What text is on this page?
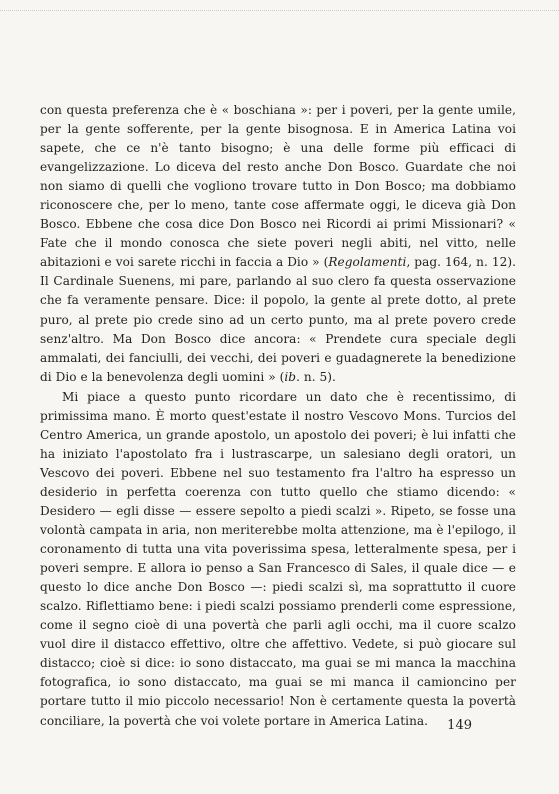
con questa preferenza che è « boschiana »: per i poveri, per la gente umile, per la gente sofferente, per la gente bisognosa. E in America Latina voi sapete, che ce n'è tanto bisogno; è una delle forme più efficaci di evangelizzazione. Lo diceva del resto anche Don Bosco. Guardate che noi non siamo di quelli che vogliono trovare tutto in Don Bosco; ma dobbiamo riconoscere che, per lo meno, tante cose affermate oggi, le diceva già Don Bosco. Ebbene che cosa dice Don Bosco nei Ricordi ai primi Missionari? « Fate che il mondo conosca che siete poveri negli abiti, nel vitto, nelle abitazioni e voi sarete ricchi in faccia a Dio » (Regolamenti, pag. 164, n. 12). Il Cardinale Suenens, mi pare, parlando al suo clero fa questa osservazione che fa veramente pensare. Dice: il popolo, la gente al prete dotto, al prete puro, al prete pio crede sino ad un certo punto, ma al prete povero crede senz'altro. Ma Don Bosco dice ancora: « Prendete cura speciale degli ammalati, dei fanciulli, dei vecchi, dei poveri e guadagnerete la benedizione di Dio e la benevolenza degli uomini » (ib. n. 5).

Mi piace a questo punto ricordare un dato che è recentissimo, di primissima mano. È morto quest'estate il nostro Vescovo Mons. Turcios del Centro America, un grande apostolo, un apostolo dei poveri; è lui infatti che ha iniziato l'apostolato fra i lustrascarpe, un salesiano degli oratori, un Vescovo dei poveri. Ebbene nel suo testamento fra l'altro ha espresso un desiderio in perfetta coerenza con tutto quello che stiamo dicendo: « Desidero — egli disse — essere sepolto a piedi scalzi ». Ripeto, se fosse una volontà campata in aria, non meriterebbe molta attenzione, ma è l'epilogo, il coronamento di tutta una vita poverissima spesa, letteralmente spesa, per i poveri sempre. E allora io penso a San Francesco di Sales, il quale dice — e questo lo dice anche Don Bosco —: piedi scalzi sì, ma soprattutto il cuore scalzo. Riflettiamo bene: i piedi scalzi possiamo prenderli come espressione, come il segno cioè di una povertà che parli agli occhi, ma il cuore scalzo vuol dire il distacco effettivo, oltre che affettivo. Vedete, si può giocare sul distacco; cioè si dice: io sono distaccato, ma guai se mi manca la macchina fotografica, io sono distaccato, ma guai se mi manca il camioncino per portare tutto il mio piccolo necessario! Non è certamente questa la povertà conciliare, la povertà che voi volete portare in America Latina.	149
